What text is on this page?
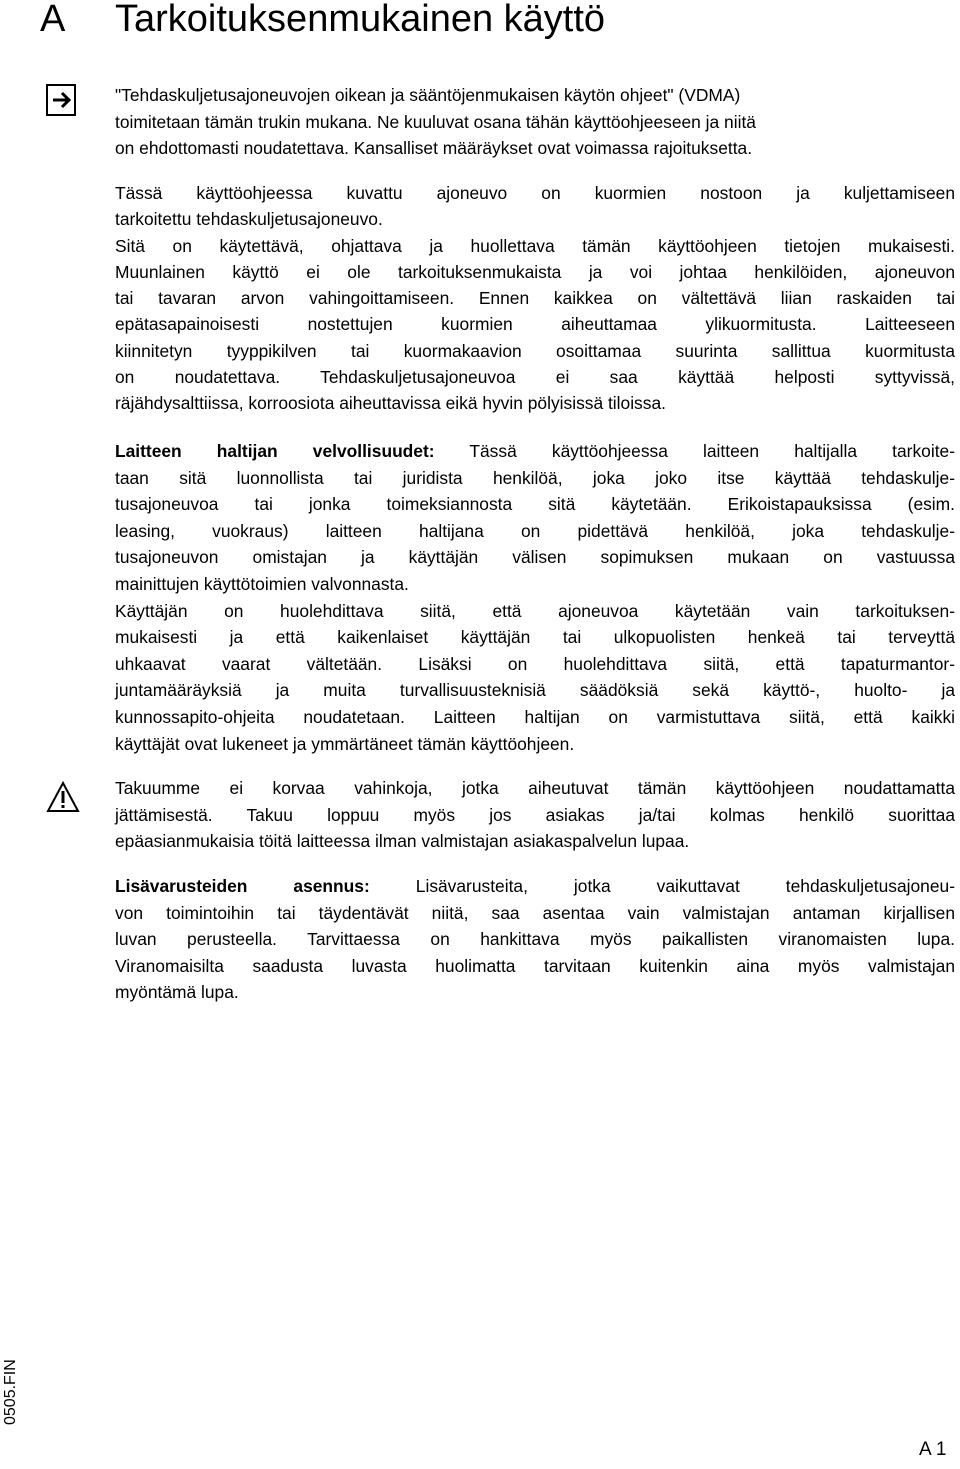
A Tarkoituksenmukainen käyttö
"Tehdaskuljetusajoneuvojen oikean ja sääntöjenmukaisen käytön ohjeet" (VDMA)
toimitetaan tämän trukin mukana. Ne kuuluvat osana tähän käyttöohjeeseen ja niitä
on ehdottomasti noudatettava. Kansalliset määräykset ovat voimassa rajoituksetta.
Tässä käyttöohjeessa kuvattu ajoneuvo on kuormien nostoon ja kuljettamiseen
tarkoitettu tehdaskuljetusajoneuvo.
Sitä on käytettävä, ohjattava ja huollettava tämän käyttöohjeen tietojen mukaisesti.
Muunlainen käyttö ei ole tarkoituksenmukaista ja voi johtaa henkilöiden, ajoneuvon
tai tavaran arvon vahingoittamiseen. Ennen kaikkea on vältettävä liian raskaiden tai
epätasapainoisesti nostettujen kuormien aiheuttamaa ylikuormitusta. Laitteeseen
kiinnitetyn tyyppikilven tai kuormakaavion osoittamaa suurinta sallittua kuormitusta
on noudatettava. Tehdaskuljetusajoneuvoa ei saa käyttää helposti syttyvissä,
räjähdysalttiissa, korroosiota aiheuttavissa eikä hyvin pölyisissä tiloissa.
Laitteen haltijan velvollisuudet: Tässä käyttöohjeessa laitteen haltijalla tarkoite-
taan sitä luonnollista tai juridista henkilöä, joka joko itse käyttää tehdaskulje-
tusajoneuvoa tai jonka toimeksiannosta sitä käytetään. Erikoistapauksissa (esim.
leasing, vuokraus) laitteen haltijana on pidettävä henkilöä, joka tehdaskulje-
tusajoneuvon omistajan ja käyttäjän välisen sopimuksen mukaan on vastuussa
mainittujen käyttötoimien valvonnasta.
Käyttäjän on huolehdittava siitä, että ajoneuvoa käytetään vain tarkoituksen-
mukaisesti ja että kaikenlaiset käyttäjän tai ulkopuolisten henkeä tai terveyttä
uhkaavat vaarat vältetään. Lisäksi on huolehdittava siitä, että tapaturmantor-
juntamääräyksiä ja muita turvallisuusteknisiä säädöksiä sekä käyttö-, huolto- ja
kunnossapito-ohjeita noudatetaan. Laitteen haltijan on varmistuttava siitä, että kaikki
käyttäjät ovat lukeneet ja ymmärtäneet tämän käyttöohjeen.
Takuumme ei korvaa vahinkoja, jotka aiheutuvat tämän käyttöohjeen noudattamatta
jättämisestä. Takuu loppuu myös jos asiakas ja/tai kolmas henkilö suorittaa
epäasianmukaisia töitä laitteessa ilman valmistajan asiakaspalvelun lupaa.
Lisävarusteiden asennus: Lisävarusteita, jotka vaikuttavat tehdaskuljetusajoneu-
von toimintoihin tai täydentävät niitä, saa asentaa vain valmistajan antaman kirjallisen
luvan perusteella. Tarvittaessa on hankittava myös paikallisten viranomaisten lupa.
Viranomaisilta saadusta luvasta huolimatta tarvitaan kuitenkin aina myös valmistajan
myöntämä lupa.
0505.FIN
A 1
